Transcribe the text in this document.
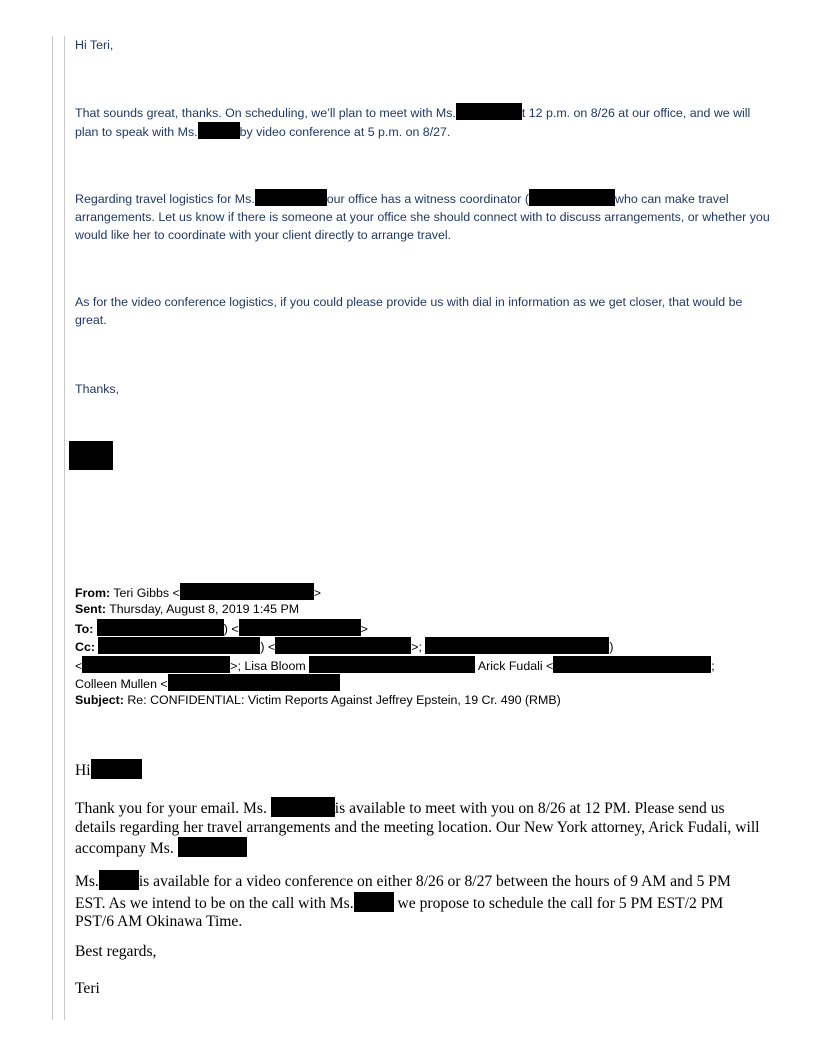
Hi Teri,

That sounds great, thanks. On scheduling, we’ll plan to meet with Ms.	t 12 p.m. on 8/26 at our office, and we will plan to speak with Ms.	by video conference at 5 p.m. on 8/27.

Regarding travel logistics for Ms.	our office has a witness coordinator (	who can make travel arrangements. Let us know if there is someone at your office she should connect with to discuss arrangements, or whether you would like her to coordinate with your client directly to arrange travel.

As for the video conference logistics, if you could please provide us with dial in information as we get closer, that would be great.

Thanks,

From: Teri Gibbs <	>
Sent: Thursday, August 8, 2019 1:45 PM
To:	) <	>
Cc:	) <	>;	)
<	>; Lisa Bloom	Arick Fudali <	;
Colleen Mullen <
Subject: Re: CONFIDENTIAL: Victim Reports Against Jeffrey Epstein, 19 Cr. 490 (RMB)

Hi

Thank you for your email. Ms.	is available to meet with you on 8/26 at 12 PM. Please send us details regarding her travel arrangements and the meeting location. Our New York attorney, Arick Fudali, will accompany Ms.

Ms.	is available for a video conference on either 8/26 or 8/27 between the hours of 9 AM and 5 PM EST. As we intend to be on the call with Ms.	we propose to schedule the call for 5 PM EST/2 PM PST/6 AM Okinawa Time.

Best regards,

Teri
